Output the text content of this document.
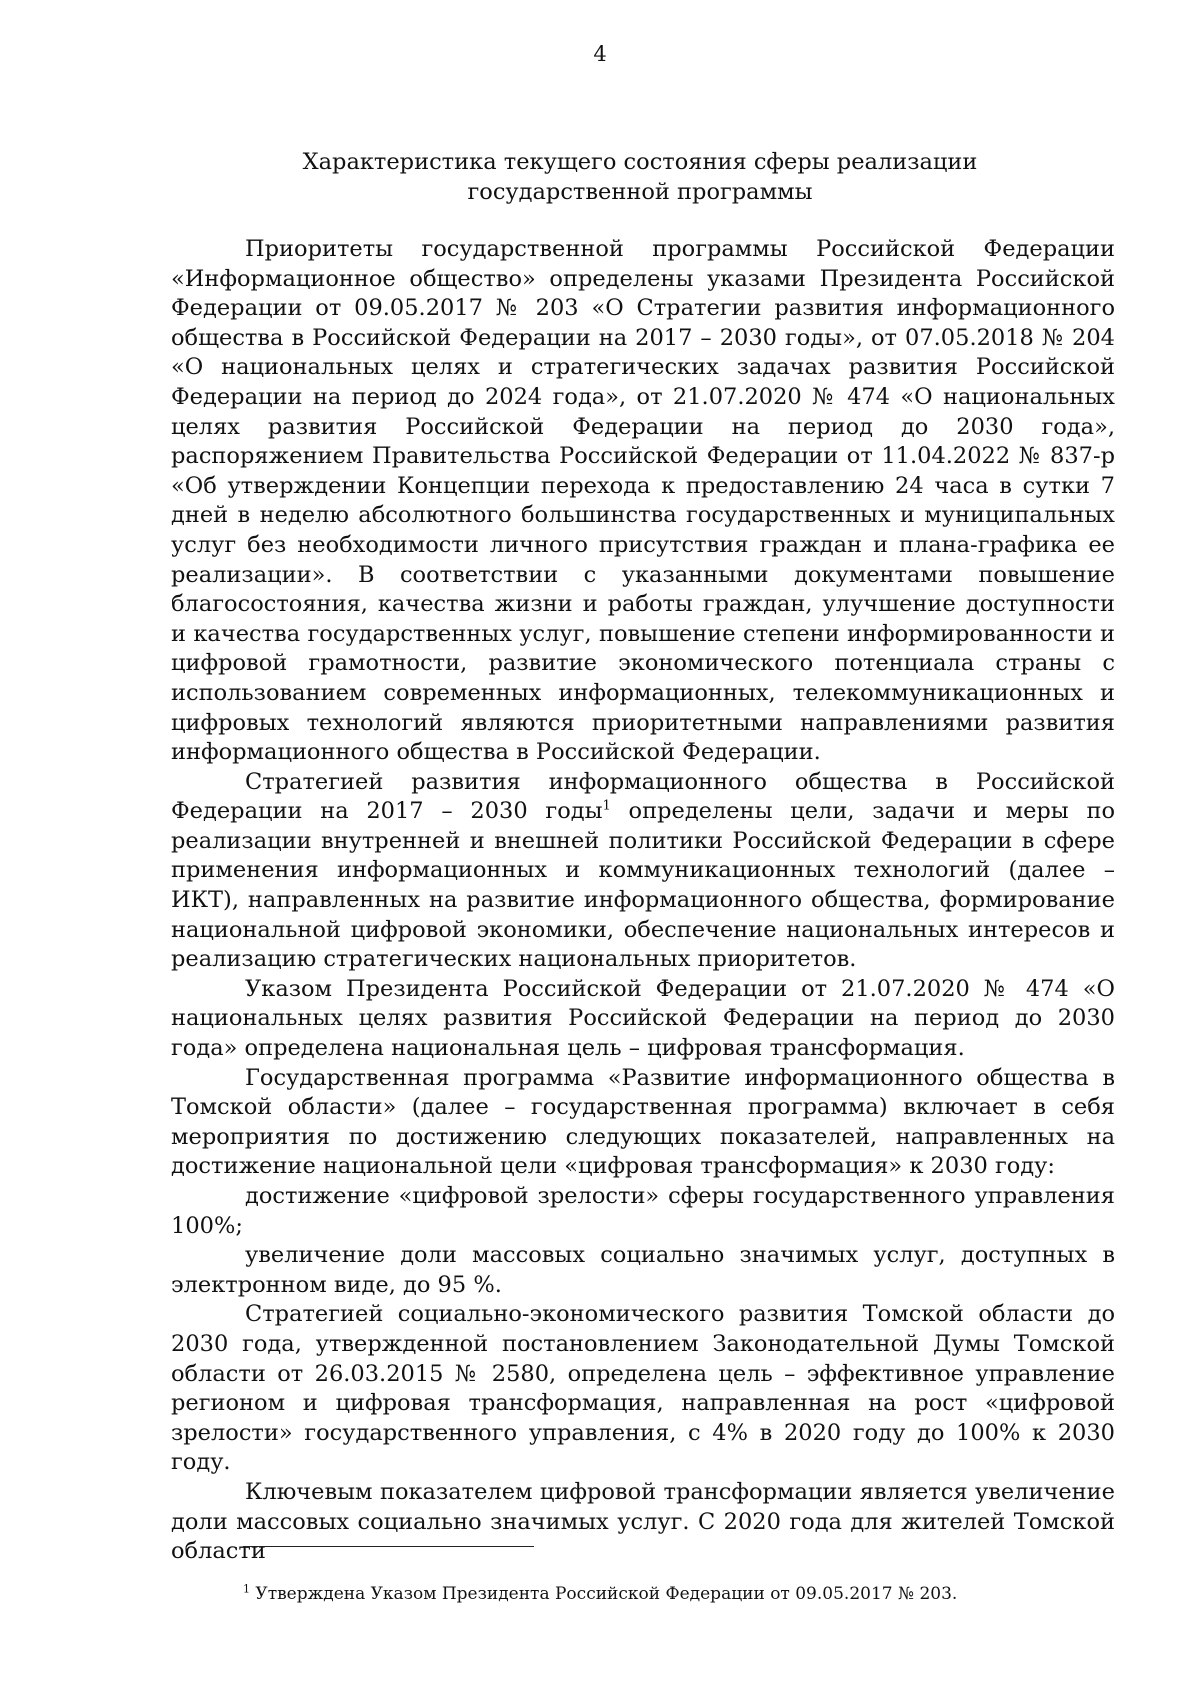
4
Характеристика текущего состояния сферы реализации
государственной программы

Приоритеты государственной программы Российской Федерации «Информационное общество» определены указами Президента Российской Федерации от 09.05.2017 № 203 «О Стратегии развития информационного общества в Российской Федерации на 2017 – 2030 годы», от 07.05.2018 № 204 «О национальных целях и стратегических задачах развития Российской Федерации на период до 2024 года», от 21.07.2020 № 474 «О национальных целях развития Российской Федерации на период до 2030 года», распоряжением Правительства Российской Федерации от 11.04.2022 № 837-р «Об утверждении Концепции перехода к предоставлению 24 часа в сутки 7 дней в неделю абсолютного большинства государственных и муниципальных услуг без необходимости личного присутствия граждан и плана-графика ее реализации». В соответствии с указанными документами повышение благосостояния, качества жизни и работы граждан, улучшение доступности и качества государственных услуг, повышение степени информированности и цифровой грамотности, развитие экономического потенциала страны с использованием современных информационных, телекоммуникационных и цифровых технологий являются приоритетными направлениями развития информационного общества в Российской Федерации.

Стратегией развития информационного общества в Российской Федерации на 2017 – 2030 годы$^1$ определены цели, задачи и меры по реализации внутренней и внешней политики Российской Федерации в сфере применения информационных и коммуникационных технологий (далее – ИКТ), направленных на развитие информационного общества, формирование национальной цифровой экономики, обеспечение национальных интересов и реализацию стратегических национальных приоритетов.

Указом Президента Российской Федерации от 21.07.2020 № 474 «О национальных целях развития Российской Федерации на период до 2030 года» определена национальная цель – цифровая трансформация.

Государственная программа «Развитие информационного общества в Томской области» (далее – государственная программа) включает в себя мероприятия по достижению следующих показателей, направленных на достижение национальной цели «цифровая трансформация» к 2030 году:

достижение «цифровой зрелости» сферы государственного управления 100%;

увеличение доли массовых социально значимых услуг, доступных в электронном виде, до 95 %.

Стратегией социально-экономического развития Томской области до 2030 года, утвержденной постановлением Законодательной Думы Томской области от 26.03.2015 № 2580, определена цель – эффективное управление регионом и цифровая трансформация, направленная на рост «цифровой зрелости» государственного управления, с 4% в 2020 году до 100% к 2030 году.

Ключевым показателем цифровой трансформации является увеличение доли массовых социально значимых услуг. С 2020 года для жителей Томской области

$^1$ Утверждена Указом Президента Российской Федерации от 09.05.2017 № 203.
